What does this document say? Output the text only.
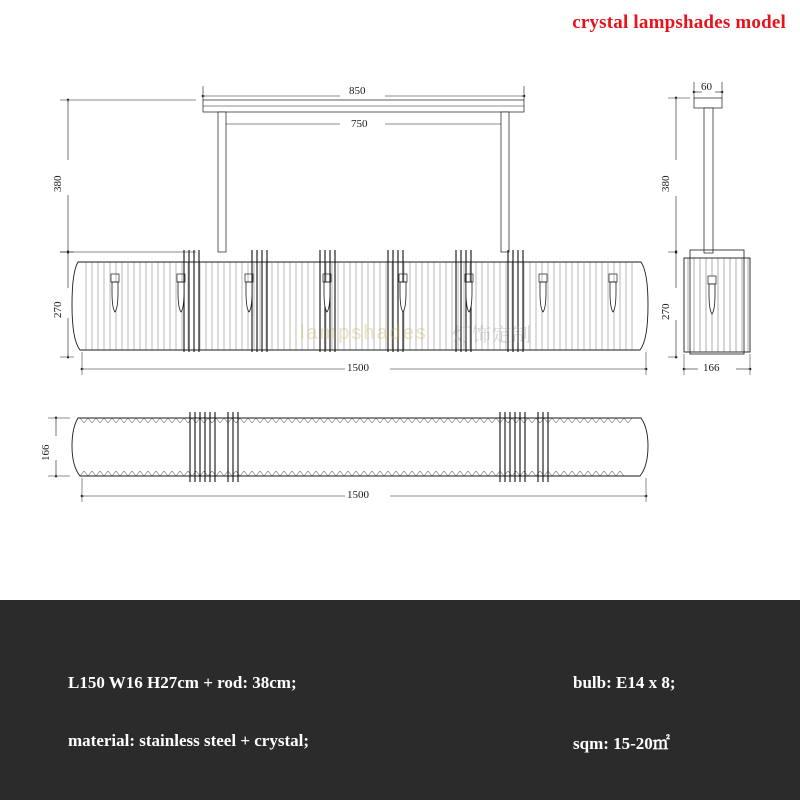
crystal lampshades model
850
750
380
270
1500
60
380
270
166
166
1500
lampshades 灯饰定制
L150 W16 H27cm + rod: 38cm;	bulb: E14 x 8;
material: stainless steel + crystal;	sqm: 15-20㎡
